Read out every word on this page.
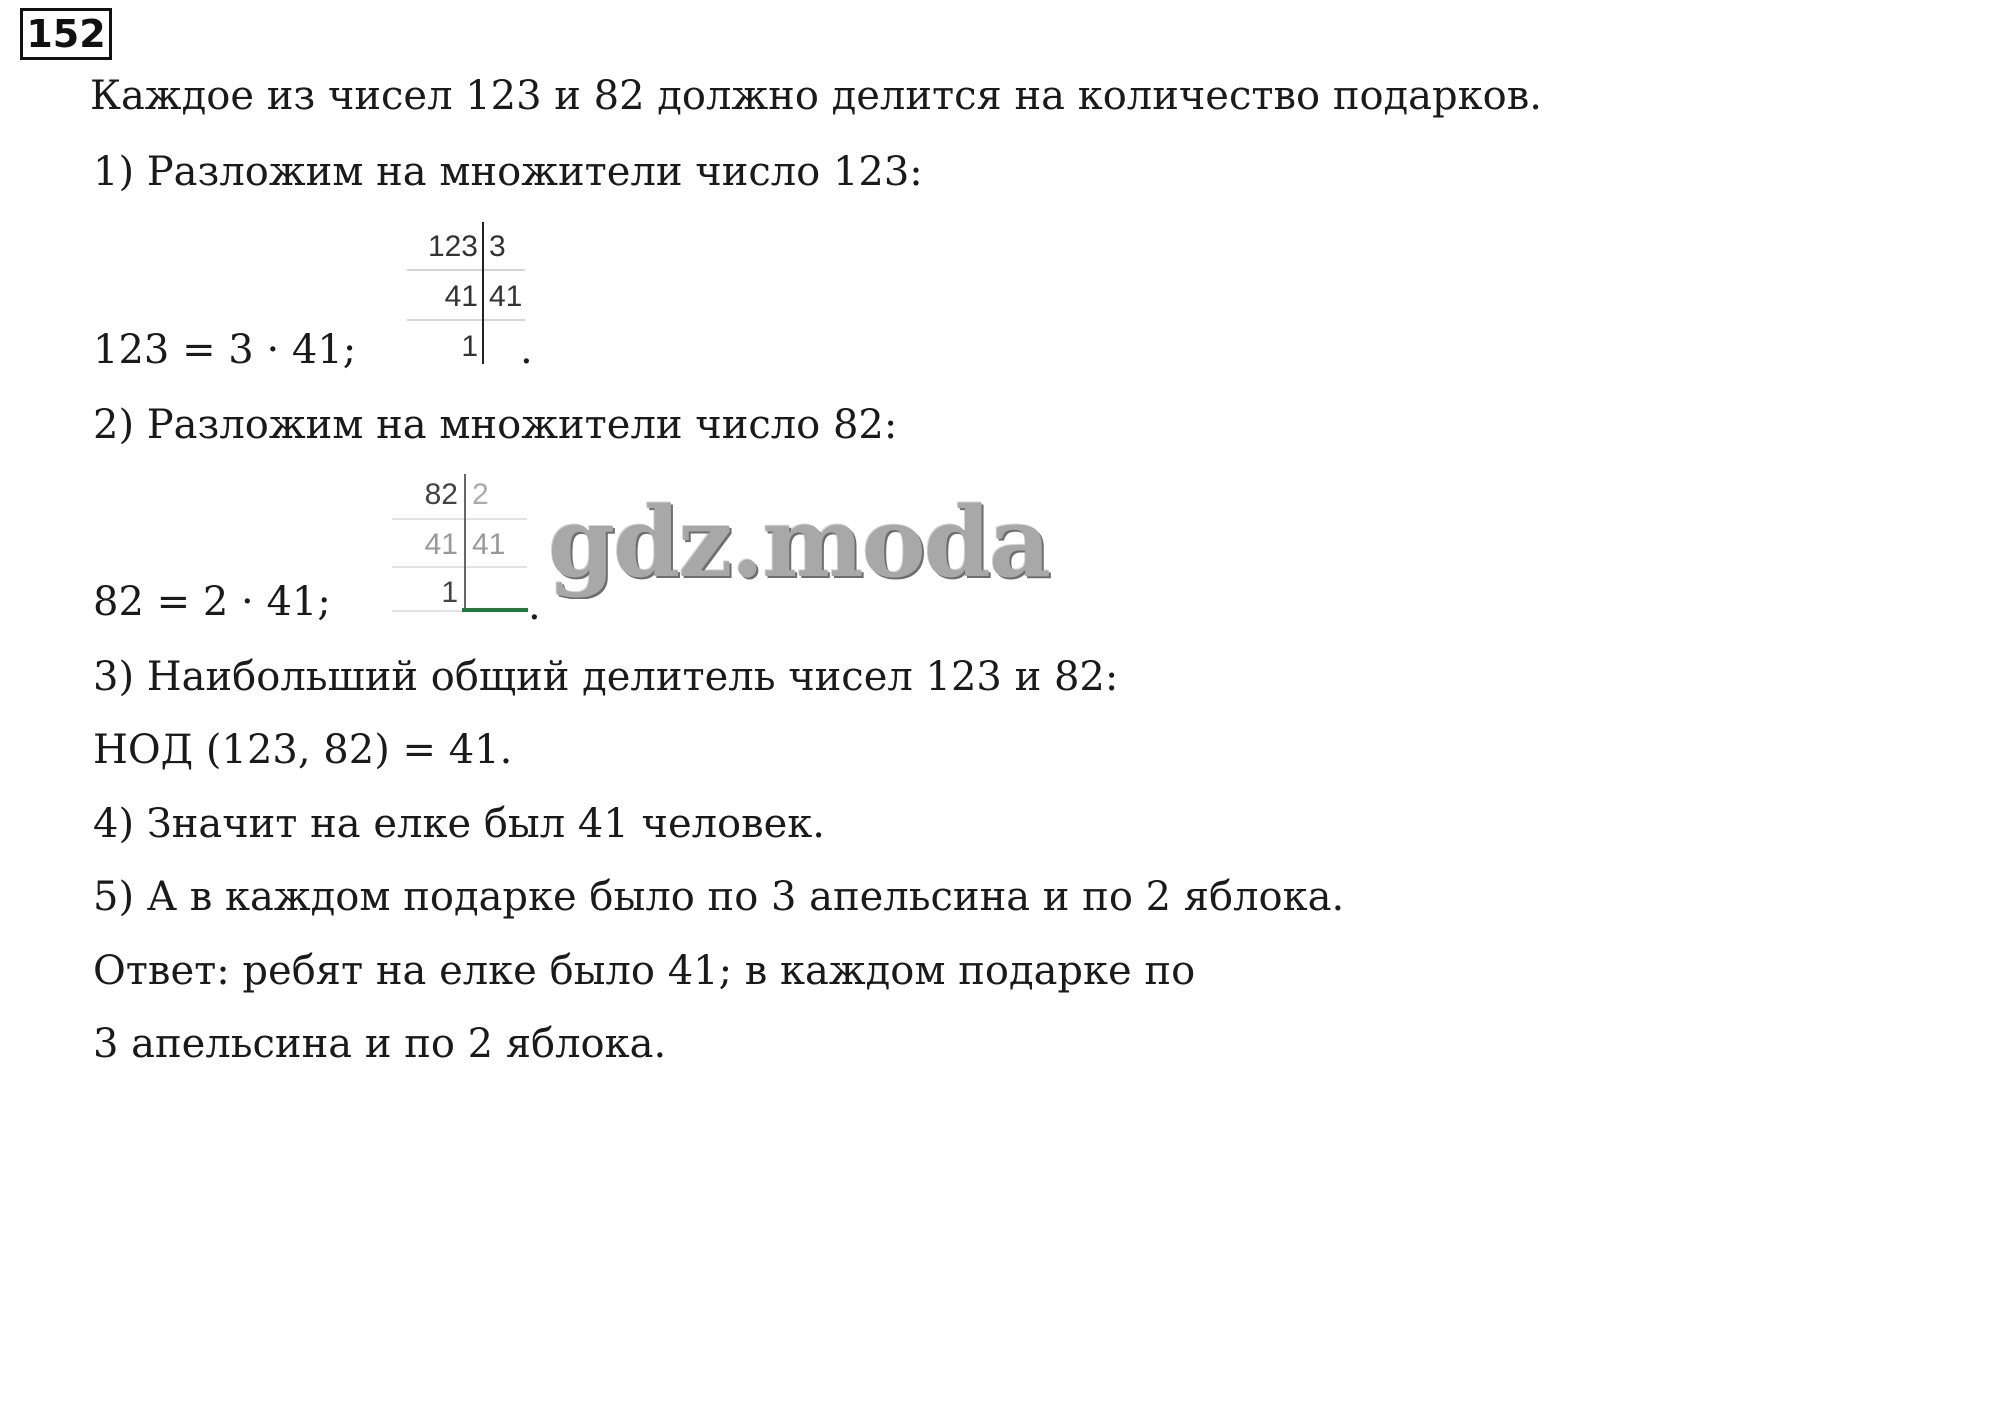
152
Каждое из чисел 123 и 82 должно делится на количество подарков.
1) Разложим на множители число 123:
123
41
1
3
41
123 = 3 · 41;	.
2) Разложим на множители число 82:
82
41
1
2
41
82 = 2 · 41;	.
gdz.moda
3) Наибольший общий делитель чисел 123 и 82:
НОД (123, 82) = 41.
4) Значит на елке был 41 человек.
5) А в каждом подарке было по 3 апельсина и по 2 яблока.
Ответ: ребят на елке было 41; в каждом подарке по
3 апельсина и по 2 яблока.
